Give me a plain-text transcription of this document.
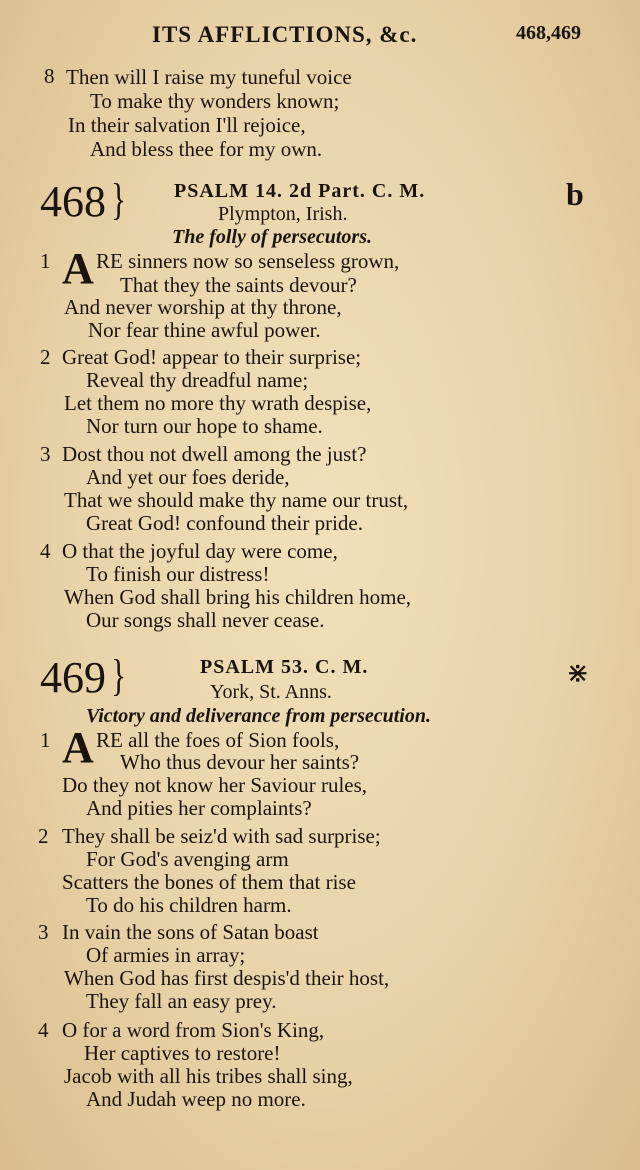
ITS AFFLICTIONS, &c.	468,469
8 Then will I raise my tuneful voice
To make thy wonders known;
In their salvation I'll rejoice,
And bless thee for my own.
468 } PSALM 14. 2d Part. C. M.	b
Plympton, Irish.
The folly of persecutors.
1 A RE sinners now so senseless grown,
That they the saints devour?
And never worship at thy throne,
Nor fear thine awful power.
2 Great God! appear to their surprise;
Reveal thy dreadful name;
Let them no more thy wrath despise,
Nor turn our hope to shame.
3 Dost thou not dwell among the just?
And yet our foes deride,
That we should make thy name our trust,
Great God! confound their pride.
4 O that the joyful day were come,
To finish our distress!
When God shall bring his children home,
Our songs shall never cease.
469 }	PSALM 53. C. M.	⋇
York, St. Anns.
Victory and deliverance from persecution.
1 A RE all the foes of Sion fools,
Who thus devour her saints?
Do they not know her Saviour rules,
And pities her complaints?
2 They shall be seiz'd with sad surprise;
For God's avenging arm
Scatters the bones of them that rise
To do his children harm.
3 In vain the sons of Satan boast
Of armies in array;
When God has first despis'd their host,
They fall an easy prey.
4 O for a word from Sion's King,
Her captives to restore!
Jacob with all his tribes shall sing,
And Judah weep no more.
